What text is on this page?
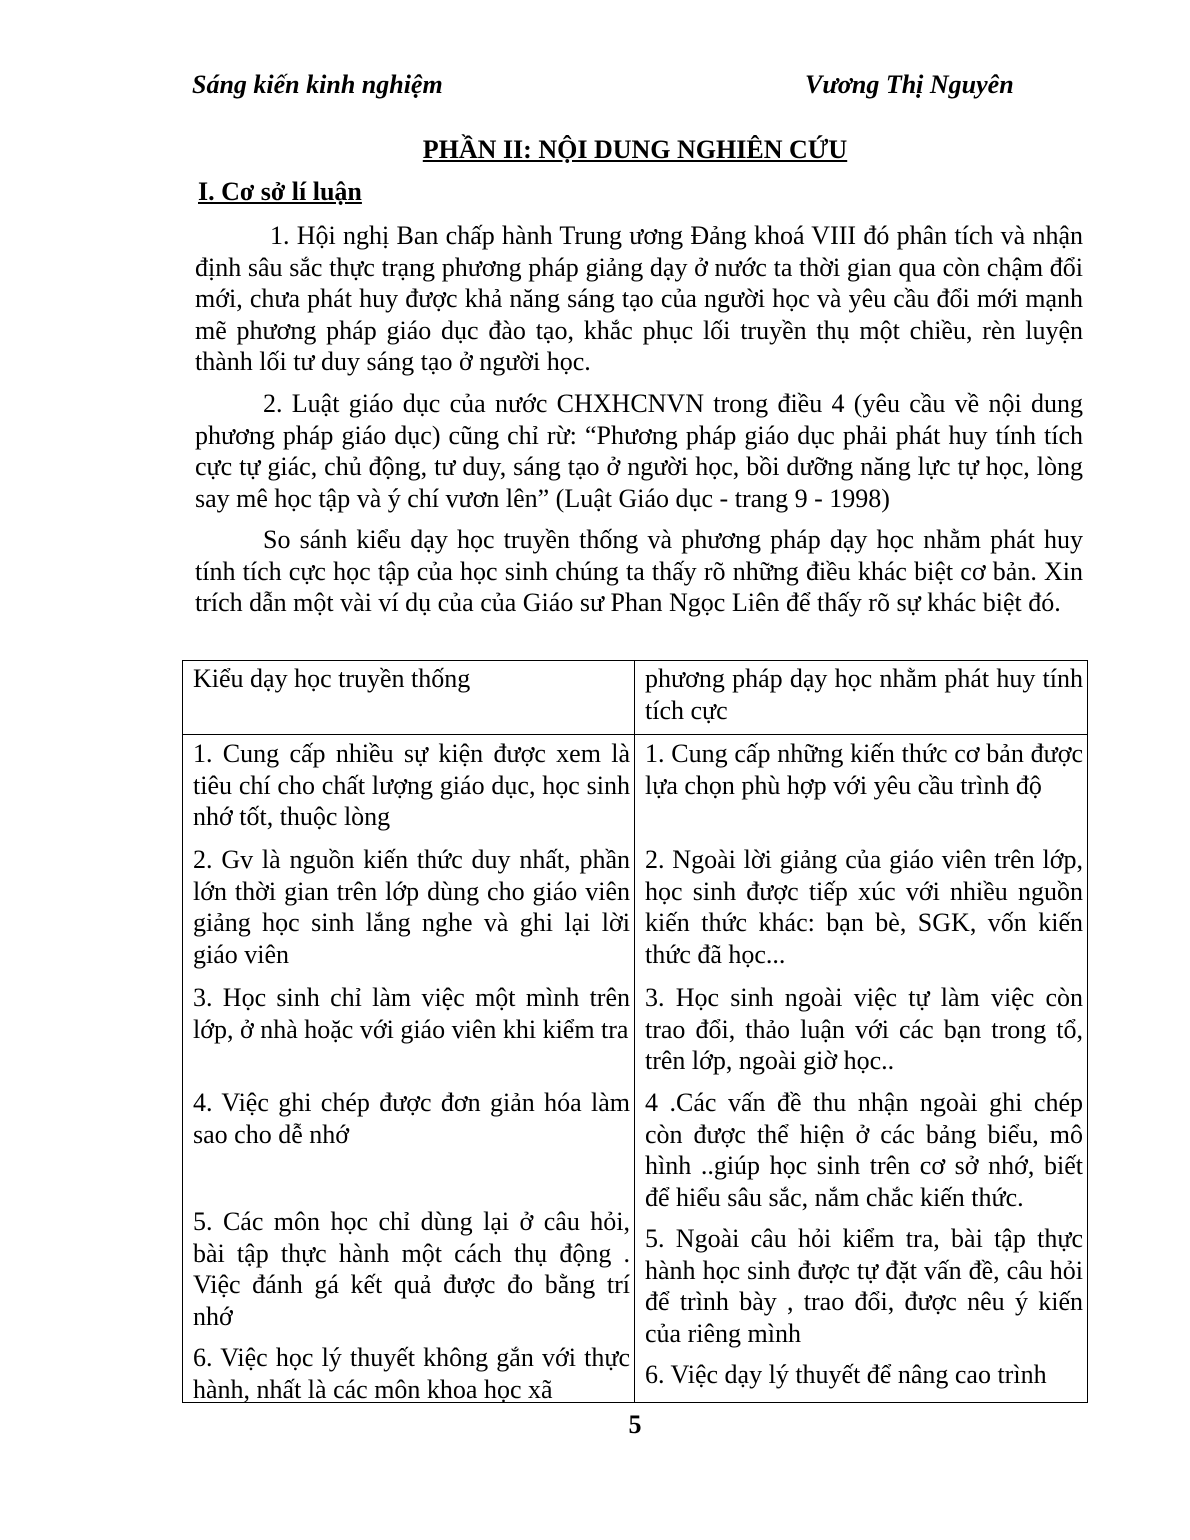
Sáng kiến kinh nghiệm	Vương Thị Nguyên
PHẦN II: NỘI DUNG NGHIÊN CỨU
I. Cơ sở lí luận

1. Hội nghị Ban chấp hành Trung ương Đảng khoá VIII đó phân tích và nhận định sâu sắc thực trạng phương pháp giảng dạy ở nước ta thời gian qua còn chậm đổi mới, chưa phát huy được khả năng sáng tạo của người học và yêu cầu đổi mới mạnh mẽ phương pháp giáo dục đào tạo, khắc phục lối truyền thụ một chiều, rèn luyện thành lối tư duy sáng tạo ở người học.

2. Luật giáo dục của nước CHXHCNVN trong điều 4 (yêu cầu về nội dung phương pháp giáo dục) cũng chỉ rừ: “Phương pháp giáo dục phải phát huy tính tích cực tự giác, chủ động, tư duy, sáng tạo ở người học, bồi dưỡng năng lực tự học, lòng say mê học tập và ý chí vươn lên” (Luật Giáo dục - trang 9 - 1998)

So sánh kiểu dạy học truyền thống và phương pháp dạy học nhằm phát huy tính tích cực học tập của học sinh chúng ta thấy rõ những điều khác biệt cơ bản. Xin trích dẫn một vài ví dụ của của Giáo sư Phan Ngọc Liên để thấy rõ sự khác biệt đó.

Kiểu dạy học truyền thống	phương pháp dạy học nhằm phát huy tính tích cực

1. Cung cấp nhiều sự kiện được xem là tiêu chí cho chất lượng giáo dục, học sinh nhớ tốt, thuộc lòng

2. Gv là nguồn kiến thức duy nhất, phần lớn thời gian trên lớp dùng cho giáo viên giảng học sinh lắng nghe và ghi lại lời giáo viên

3. Học sinh chỉ làm việc một mình trên lớp, ở nhà hoặc với giáo viên khi kiểm tra

4. Việc ghi chép được đơn giản hóa làm sao cho dễ nhớ

5. Các môn học chỉ dùng lại ở câu hỏi, bài tập thực hành một cách thụ động . Việc đánh gá kết quả được đo bằng trí nhớ

6. Việc học lý thuyết không gắn với thực hành, nhất là các môn khoa học xã

1. Cung cấp những kiến thức cơ bản được lựa chọn phù hợp với yêu cầu trình độ

2. Ngoài lời giảng của giáo viên trên lớp, học sinh được tiếp xúc với nhiều nguồn kiến thức khác: bạn bè, SGK, vốn kiến thức đã học...

3. Học sinh ngoài việc tự làm việc còn trao đổi, thảo luận với các bạn trong tổ, trên lớp, ngoài giờ học..

4 .Các vấn đề thu nhận ngoài ghi chép còn được thể hiện ở các bảng biểu, mô hình ..giúp học sinh trên cơ sở nhớ, biết để hiểu sâu sắc, nắm chắc kiến thức.

5. Ngoài câu hỏi kiểm tra, bài tập thực hành học sinh được tự đặt vấn đề, câu hỏi để trình bày , trao đổi, được nêu ý kiến của riêng mình

6. Việc dạy lý thuyết để nâng cao trình

5
